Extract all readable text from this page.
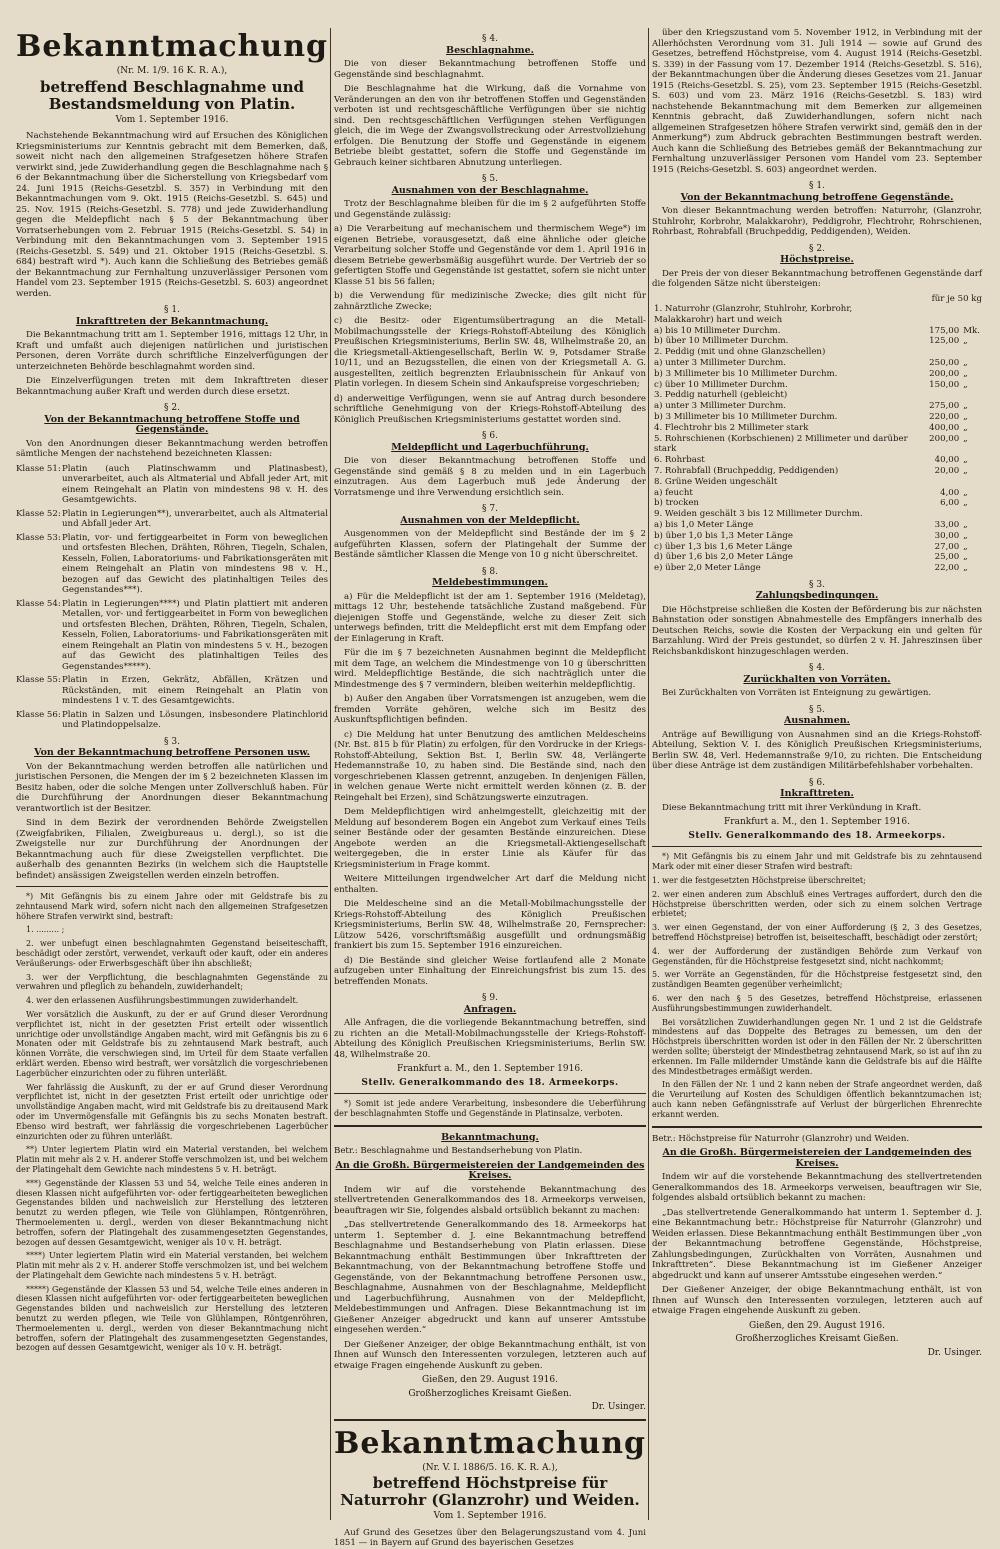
Bekanntmachung
(Nr. M. 1/9. 16 K. R. A.),
betreffend Beschlagnahme und Bestandsmeldung von Platin.
Vom 1. September 1916.

Nachstehende Bekanntmachung wird auf Ersuchen des Königlichen Kriegsministeriums zur Kenntnis gebracht mit dem Bemerken, daß, soweit nicht nach den allgemeinen Strafgesetzen höhere Strafen verwirkt sind, jede Zuwiderhandlung gegen die Beschlagnahme nach § 6 der Bekanntmachung über die Sicherstellung von Kriegsbedarf vom 24. Juni 1915 (Reichs-Gesetzbl. S. 357) in Verbindung mit den Bekanntmachungen vom 9. Okt. 1915 (Reichs-Gesetzbl. S. 645) und 25. Nov. 1915 (Reichs-Gesetzbl. S. 778) und jede Zuwiderhandlung gegen die Meldepflicht nach § 5 der Bekanntmachung über Vorratserhebungen vom 2. Februar 1915 (Reichs-Gesetzbl. S. 54) in Verbindung mit den Bekanntmachungen vom 3. September 1915 (Reichs-Gesetzbl. S. 549) und 21. Oktober 1915 (Reichs-Gesetzbl. S. 684) bestraft wird *). Auch kann die Schließung des Betriebes gemäß der Bekanntmachung zur Fernhaltung unzuverlässiger Personen vom Handel vom 23. September 1915 (Reichs-Gesetzbl. S. 603) angeordnet werden.

§ 1.
Inkrafttreten der Bekanntmachung.

Die Bekanntmachung tritt am 1. September 1916, mittags 12 Uhr, in Kraft und umfaßt auch diejenigen natürlichen und juristischen Personen, deren Vorräte durch schriftliche Einzelverfügungen der unterzeichneten Behörde beschlagnahmt worden sind.

Die Einzelverfügungen treten mit dem Inkrafttreten dieser Bekanntmachung außer Kraft und werden durch diese ersetzt.

§ 2.
Von der Bekanntmachung betroffene Stoffe und Gegenstände.

Von den Anordnungen dieser Bekanntmachung werden betroffen sämtliche Mengen der nachstehend bezeichneten Klassen:

Klasse 51: Platin (auch Platinschwamm und Platinasbest), unverarbeitet, auch als Altmaterial und Abfall jeder Art, mit einem Reingehalt an Platin von mindestens 98 v. H. des Gesamtgewichts.
Klasse 52: Platin in Legierungen**), unverarbeitet, auch als Altmaterial und Abfall jeder Art.
Klasse 53: Platin, vor- und fertiggearbeitet in Form von beweglichen und ortsfesten Blechen, Drähten, Röhren, Tiegeln, Schalen, Kesseln, Folien, Laboratoriums- und Fabrikationsgeräten mit einem Reingehalt an Platin von mindestens 98 v. H., bezogen auf das Gewicht des platinhaltigen Teiles des Gegenstandes***).
Klasse 54: Platin in Legierungen****) und Platin plattiert mit anderen Metallen, vor- und fertiggearbeitet in Form von beweglichen und ortsfesten Blechen, Drähten, Röhren, Tiegeln, Schalen, Kesseln, Folien, Laboratoriums- und Fabrikationsgeräten mit einem Reingehalt an Platin von mindestens 5 v. H., bezogen auf das Gewicht des platinhaltigen Teiles des Gegenstandes*****).
Klasse 55: Platin in Erzen, Gekrätz, Abfällen, Krätzen und Rückständen, mit einem Reingehalt an Platin von mindestens 1 v. T. des Gesamtgewichts.
Klasse 56: Platin in Salzen und Lösungen, insbesondere Platinchlorid und Platindoppelsalze.
§ 3.
Von der Bekanntmachung betroffene Personen usw.

Von der Bekanntmachung werden betroffen alle natürlichen und juristischen Personen, die Mengen der im § 2 bezeichneten Klassen im Besitz haben, oder die solche Mengen unter Zollverschluß haben. Für die Durchführung der Anordnungen dieser Bekanntmachung verantwortlich ist der Besitzer.

Sind in dem Bezirk der verordnenden Behörde Zweigstellen (Zweigfabriken, Filialen, Zweigbureaus u. dergl.), so ist die Zweigstelle nur zur Durchführung der Anordnungen der Bekanntmachung auch für diese Zweigstellen verpflichtet. Die außerhalb des genannten Bezirks (in welchem sich die Hauptstelle befindet) ansässigen Zweigstellen werden einzeln betroffen.

*) Mit Gefängnis bis zu einem Jahre oder mit Geldstrafe bis zu zehntausend Mark wird, sofern nicht nach den allgemeinen Strafgesetzen höhere Strafen verwirkt sind, bestraft:

1. ......... ;

2. wer unbefugt einen beschlagnahmten Gegenstand beiseiteschafft, beschädigt oder zerstört, verwendet, verkauft oder kauft, oder ein anderes Veräußerungs- oder Erwerbsgeschäft über ihn abschließt;

3. wer der Verpflichtung, die beschlagnahmten Gegenstände zu verwahren und pfleglich zu behandeln, zuwiderhandelt;

4. wer den erlassenen Ausführungsbestimmungen zuwiderhandelt.

Wer vorsätzlich die Auskunft, zu der er auf Grund dieser Verordnung verpflichtet ist, nicht in der gesetzten Frist erteilt oder wissentlich unrichtige oder unvollständige Angaben macht, wird mit Gefängnis bis zu 6 Monaten oder mit Geldstrafe bis zu zehntausend Mark bestraft, auch können Vorräte, die verschwiegen sind, im Urteil für dem Staate verfallen erklärt werden. Ebenso wird bestraft, wer vorsätzlich die vorgeschriebenen Lagerbücher einzurichten oder zu führen unterläßt.

Wer fahrlässig die Auskunft, zu der er auf Grund dieser Verordnung verpflichtet ist, nicht in der gesetzten Frist erteilt oder unrichtige oder unvollständige Angaben macht, wird mit Geldstrafe bis zu dreitausend Mark oder im Unvermögensfalle mit Gefängnis bis zu sechs Monaten bestraft. Ebenso wird bestraft, wer fahrlässig die vorgeschriebenen Lagerbücher einzurichten oder zu führen unterläßt.

**) Unter legiertem Platin wird ein Material verstanden, bei welchem Platin mit mehr als 2 v. H. anderer Stoffe verschmolzen ist, und bei welchem der Platingehalt dem Gewichte nach mindestens 5 v. H. beträgt.

***) Gegenstände der Klassen 53 und 54, welche Teile eines anderen in diesen Klassen nicht aufgeführten vor- oder fertiggearbeiteten beweglichen Gegenstandes bilden und nachweislich zur Herstellung des letzteren benutzt zu werden pflegen, wie Teile von Glühlampen, Röntgenröhren, Thermoelementen u. dergl., werden von dieser Bekanntmachung nicht betroffen, sofern der Platingehalt des zusammengesetzten Gegenstandes, bezogen auf dessen Gesamtgewicht, weniger als 10 v. H. beträgt.

****) Unter legiertem Platin wird ein Material verstanden, bei welchem Platin mit mehr als 2 v. H. anderer Stoffe verschmolzen ist, und bei welchem der Platingehalt dem Gewichte nach mindestens 5 v. H. beträgt.

*****) Gegenstände der Klassen 53 und 54, welche Teile eines anderen in diesen Klassen nicht aufgeführten vor- oder fertiggearbeiteten beweglichen Gegenstandes bilden und nachweislich zur Herstellung des letzteren benutzt zu werden pflegen, wie Teile von Glühlampen, Röntgenröhren, Thermoelementen u. dergl., werden von dieser Bekanntmachung nicht betroffen, sofern der Platingehalt des zusammengesetzten Gegenstandes, bezogen auf dessen Gesamtgewicht, weniger als 10 v. H. beträgt.

§ 4.
Beschlagnahme.

Die von dieser Bekanntmachung betroffenen Stoffe und Gegenstände sind beschlagnahmt.

Die Beschlagnahme hat die Wirkung, daß die Vornahme von Veränderungen an den von ihr betroffenen Stoffen und Gegenständen verboten ist und rechtsgeschäftliche Verfügungen über sie nichtig sind. Den rechtsgeschäftlichen Verfügungen stehen Verfügungen gleich, die im Wege der Zwangsvollstreckung oder Arrestvollziehung erfolgen. Die Benutzung der Stoffe und Gegenstände in eigenem Betriebe bleibt gestattet, sofern die Stoffe und Gegenstände im Gebrauch keiner sichtbaren Abnutzung unterliegen.

§ 5.
Ausnahmen von der Beschlagnahme.

Trotz der Beschlagnahme bleiben für die im § 2 aufgeführten Stoffe und Gegenstände zulässig:

a) Die Verarbeitung auf mechanischem und thermischem Wege*) im eigenen Betriebe, vorausgesetzt, daß eine ähnliche oder gleiche Verarbeitung solcher Stoffe und Gegenstände vor dem 1. April 1916 in diesem Betriebe gewerbsmäßig ausgeführt wurde. Der Vertrieb der so gefertigten Stoffe und Gegenstände ist gestattet, sofern sie nicht unter Klasse 51 bis 56 fallen;

b) die Verwendung für medizinische Zwecke; dies gilt nicht für zahnärztliche Zwecke;

c) die Besitz- oder Eigentumsübertragung an die Metall-Mobilmachungsstelle der Kriegs-Rohstoff-Abteilung des Königlich Preußischen Kriegsministeriums, Berlin SW. 48, Wilhelmstraße 20, an die Kriegsmetall-Aktiengesellschaft, Berlin W. 9, Potsdamer Straße 10/11, und an Bezugsstellen, die einen von der Kriegsmetall A. G. ausgestellten, zeitlich begrenzten Erlaubnisschein für Ankauf von Platin vorlegen. In diesem Schein sind Ankaufspreise vorgeschrieben;

d) anderweitige Verfügungen, wenn sie auf Antrag durch besondere schriftliche Genehmigung von der Kriegs-Rohstoff-Abteilung des Königlich Preußischen Kriegsministeriums gestattet worden sind.

§ 6.
Meldepflicht und Lagerbuchführung.

Die von dieser Bekanntmachung betroffenen Stoffe und Gegenstände sind gemäß § 8 zu melden und in ein Lagerbuch einzutragen. Aus dem Lagerbuch muß jede Änderung der Vorratsmenge und ihre Verwendung ersichtlich sein.

§ 7.
Ausnahmen von der Meldepflicht.

Ausgenommen von der Meldepflicht sind Bestände der im § 2 aufgeführten Klassen, sofern der Platingehalt der Summe der Bestände sämtlicher Klassen die Menge von 10 g nicht überschreitet.

§ 8.
Meldebestimmungen.

a) Für die Meldepflicht ist der am 1. September 1916 (Meldetag), mittags 12 Uhr, bestehende tatsächliche Zustand maßgebend. Für diejenigen Stoffe und Gegenstände, welche zu dieser Zeit sich unterwegs befinden, tritt die Meldepflicht erst mit dem Empfang oder der Einlagerung in Kraft.

Für die im § 7 bezeichneten Ausnahmen beginnt die Meldepflicht mit dem Tage, an welchem die Mindestmenge von 10 g überschritten wird. Meldepflichtige Bestände, die sich nachträglich unter die Mindestmenge des § 7 vermindern, bleiben weiterhin meldepflichtig.

b) Außer den Angaben über Vorratsmengen ist anzugeben, wem die fremden Vorräte gehören, welche sich im Besitz des Auskunftspflichtigen befinden.

c) Die Meldung hat unter Benutzung des amtlichen Meldescheins (Nr. Bst. 815 b für Platin) zu erfolgen, für den Vordrucke in der Kriegs-Rohstoff-Abteilung, Sektion Bst. I, Berlin SW. 48, Verlängerte Hedemannstraße 10, zu haben sind. Die Bestände sind, nach den vorgeschriebenen Klassen getrennt, anzugeben. In denjenigen Fällen, in welchen genaue Werte nicht ermittelt werden können (z. B. der Reingehalt bei Erzen), sind Schätzungswerte einzutragen.

Dem Meldepflichtigen wird anheimgestellt, gleichzeitig mit der Meldung auf besonderem Bogen ein Angebot zum Verkauf eines Teils seiner Bestände oder der gesamten Bestände einzureichen. Diese Angebote werden an die Kriegsmetall-Aktiengesellschaft weitergegeben, die in erster Linie als Käufer für das Kriegsministerium in Frage kommt.

Weitere Mitteilungen irgendwelcher Art darf die Meldung nicht enthalten.

Die Meldescheine sind an die Metall-Mobilmachungsstelle der Kriegs-Rohstoff-Abteilung des Königlich Preußischen Kriegsministeriums, Berlin SW. 48, Wilhelmstraße 20, Fernsprecher: Lützow 5426, vorschriftsmäßig ausgefüllt und ordnungsmäßig frankiert bis zum 15. September 1916 einzureichen.

d) Die Bestände sind gleicher Weise fortlaufend alle 2 Monate aufzugeben unter Einhaltung der Einreichungsfrist bis zum 15. des betreffenden Monats.

§ 9.
Anfragen.

Alle Anfragen, die die vorliegende Bekanntmachung betreffen, sind zu richten an die Metall-Mobilmachungsstelle der Kriegs-Rohstoff-Abteilung des Königlich Preußischen Kriegsministeriums, Berlin SW. 48, Wilhelmstraße 20.

Frankfurt a. M., den 1. September 1916.
Stellv. Generalkommando des 18. Armeekorps.

*) Somit ist jede andere Verarbeitung, insbesondere die Ueberführung der beschlagnahmten Stoffe und Gegenstände in Platinsalze, verboten.

Bekanntmachung.

Betr.: Beschlagnahme und Bestandserhebung von Platin.

An die Großh. Bürgermeistereien der Landgemeinden des Kreises.

Indem wir auf die vorstehende Bekanntmachung des stellvertretenden Generalkommandos des 18. Armeekorps verweisen, beauftragen wir Sie, folgendes alsbald ortsüblich bekannt zu machen:

„Das stellvertretende Generalkommando des 18. Armeekorps hat unterm 1. September d. J. eine Bekanntmachung betreffend Beschlagnahme und Bestandserhebung von Platin erlassen. Diese Bekanntmachung enthält Bestimmungen über Inkrafttreten der Bekanntmachung, von der Bekanntmachung betroffene Stoffe und Gegenstände, von der Bekanntmachung betroffene Personen usw., Beschlagnahme, Ausnahmen von der Beschlagnahme, Meldepflicht und Lagerbuchführung, Ausnahmen von der Meldepflicht, Meldebestimmungen und Anfragen. Diese Bekanntmachung ist im Gießener Anzeiger abgedruckt und kann auf unserer Amtsstube eingesehen werden.“

Der Gießener Anzeiger, der obige Bekanntmachung enthält, ist von Ihnen auf Wunsch den Interessenten vorzulegen, letzteren auch auf etwaige Fragen eingehende Auskunft zu geben.

Gießen, den 29. August 1916.
Großherzogliches Kreisamt Gießen.
Dr. Usinger.
Bekanntmachung
(Nr. V. I. 1886/5. 16. K. R. A.),
betreffend Höchstpreise für Naturrohr (Glanzrohr) und Weiden.
Vom 1. September 1916.

Auf Grund des Gesetzes über den Belagerungszustand vom 4. Juni 1851 — in Bayern auf Grund des bayerischen Gesetzes

über den Kriegszustand vom 5. November 1912, in Verbindung mit der Allerhöchsten Verordnung vom 31. Juli 1914 — sowie auf Grund des Gesetzes, betreffend Höchstpreise, vom 4. August 1914 (Reichs-Gesetzbl. S. 339) in der Fassung vom 17. Dezember 1914 (Reichs-Gesetzbl. S. 516), der Bekanntmachungen über die Änderung dieses Gesetzes vom 21. Januar 1915 (Reichs-Gesetzbl. S. 25), vom 23. September 1915 (Reichs-Gesetzbl. S. 603) und vom 23. März 1916 (Reichs-Gesetzbl. S. 183) wird nachstehende Bekanntmachung mit dem Bemerken zur allgemeinen Kenntnis gebracht, daß Zuwiderhandlungen, sofern nicht nach allgemeinen Strafgesetzen höhere Strafen verwirkt sind, gemäß den in der Anmerkung*) zum Abdruck gebrachten Bestimmungen bestraft werden. Auch kann die Schließung des Betriebes gemäß der Bekanntmachung zur Fernhaltung unzuverlässiger Personen vom Handel vom 23. September 1915 (Reichs-Gesetzbl. S. 603) angeordnet werden.

§ 1.
Von der Bekanntmachung betroffene Gegenstände.

Von dieser Bekanntmachung werden betroffen: Naturrohr, (Glanzrohr, Stuhlrohr, Korbrohr, Malakkarohr), Peddigrohr, Flechtrohr, Rohrschienen, Rohrbast, Rohrabfall (Bruchpeddig, Peddigenden), Weiden.

§ 2.
Höchstpreise.

Der Preis der von dieser Bekanntmachung betroffenen Gegenstände darf die folgenden Sätze nicht übersteigen:

für je 50 kg
1. Naturrohr (Glanzrohr, Stuhlrohr, Korbrohr, Malakkarohr) hart und weich		
a) bis 10 Millimeter Durchm.	175,00	Mk.
b) über 10 Millimeter Durchm.	125,00	„
2. Peddig (mit und ohne Glanzschellen)		
a) unter 3 Millimeter Durchm.	250,00	„
b) 3 Millimeter bis 10 Millimeter Durchm.	200,00	„
c) über 10 Millimeter Durchm.	150,00	„
3. Peddig naturhell (gebleicht)		
a) unter 3 Millimeter Durchm.	275,00	„
b) 3 Millimeter bis 10 Millimeter Durchm.	220,00	„
4. Flechtrohr bis 2 Millimeter stark	400,00	„
5. Rohrschienen (Korbschienen) 2 Millimeter und darüber stark	200,00	„
6. Rohrbast	40,00	„
7. Rohrabfall (Bruchpeddig, Peddigenden)	20,00	„
8. Grüne Weiden ungeschält		
a) feucht	4,00	„
b) trocken	6,00	„
9. Weiden geschält 3 bis 12 Millimeter Durchm.		
a) bis 1,0 Meter Länge	33,00	„
b) über 1,0 bis 1,3 Meter Länge	30,00	„
c) über 1,3 bis 1,6 Meter Länge	27,00	„
d) über 1,6 bis 2,0 Meter Länge	25,00	„
e) über 2,0 Meter Länge	22,00	„
§ 3.
Zahlungsbedingungen.

Die Höchstpreise schließen die Kosten der Beförderung bis zur nächsten Bahnstation oder sonstigen Abnahmestelle des Empfängers innerhalb des Deutschen Reichs, sowie die Kosten der Verpackung ein und gelten für Barzahlung. Wird der Preis gestundet, so dürfen 2 v. H. Jahreszinsen über Reichsbankdiskont hinzugeschlagen werden.

§ 4.
Zurückhalten von Vorräten.

Bei Zurückhalten von Vorräten ist Enteignung zu gewärtigen.

§ 5.
Ausnahmen.

Anträge auf Bewilligung von Ausnahmen sind an die Kriegs-Rohstoff-Abteilung, Sektion V. I. des Königlich Preußischen Kriegsministeriums, Berlin SW. 48, Verl. Hedemannstraße 9/10, zu richten. Die Entscheidung über diese Anträge ist dem zuständigen Militärbefehlshaber vorbehalten.

§ 6.
Inkrafttreten.

Diese Bekanntmachung tritt mit ihrer Verkündung in Kraft.

Frankfurt a. M., den 1. September 1916.
Stellv. Generalkommando des 18. Armeekorps.

*) Mit Gefängnis bis zu einem Jahr und mit Geldstrafe bis zu zehntausend Mark oder mit einer dieser Strafen wird bestraft:

1. wer die festgesetzten Höchstpreise überschreitet;

2. wer einen anderen zum Abschluß eines Vertrages auffordert, durch den die Höchstpreise überschritten werden, oder sich zu einem solchen Vertrage erbietet;

3. wer einen Gegenstand, der von einer Aufforderung (§ 2, 3 des Gesetzes, betreffend Höchstpreise) betroffen ist, beiseiteschafft, beschädigt oder zerstört;

4. wer der Aufforderung der zuständigen Behörde zum Verkauf von Gegenständen, für die Höchstpreise festgesetzt sind, nicht nachkommt;

5. wer Vorräte an Gegenständen, für die Höchstpreise festgesetzt sind, den zuständigen Beamten gegenüber verheimlicht;

6. wer den nach § 5 des Gesetzes, betreffend Höchstpreise, erlassenen Ausführungsbestimmungen zuwiderhandelt.

Bei vorsätzlichen Zuwiderhandlungen gegen Nr. 1 und 2 ist die Geldstrafe mindestens auf das Doppelte des Betrages zu bemessen, um den der Höchstpreis überschritten worden ist oder in den Fällen der Nr. 2 überschritten werden sollte; übersteigt der Mindestbetrag zehntausend Mark, so ist auf ihn zu erkennen. Im Falle mildernder Umstände kann die Geldstrafe bis auf die Hälfte des Mindestbetrages ermäßigt werden.

In den Fällen der Nr. 1 und 2 kann neben der Strafe angeordnet werden, daß die Verurteilung auf Kosten des Schuldigen öffentlich bekanntzumachen ist; auch kann neben Gefängnisstrafe auf Verlust der bürgerlichen Ehrenrechte erkannt werden.

Betr.: Höchstpreise für Naturrohr (Glanzrohr) und Weiden.

An die Großh. Bürgermeistereien der Landgemeinden des Kreises.

Indem wir auf die vorstehende Bekanntmachung des stellvertretenden Generalkommandos des 18. Armeekorps verweisen, beauftragen wir Sie, folgendes alsbald ortsüblich bekannt zu machen:

„Das stellvertretende Generalkommando hat unterm 1. September d. J. eine Bekanntmachung betr.: Höchstpreise für Naturrohr (Glanzrohr) und Weiden erlassen. Diese Bekanntmachung enthält Bestimmungen über „von der Bekanntmachung betroffene Gegenstände, Höchstpreise, Zahlungsbedingungen, Zurückhalten von Vorräten, Ausnahmen und Inkrafttreten“. Diese Bekanntmachung ist im Gießener Anzeiger abgedruckt und kann auf unserer Amtsstube eingesehen werden.“

Der Gießener Anzeiger, der obige Bekanntmachung enthält, ist von Ihnen auf Wunsch den Interessenten vorzulegen, letzteren auch auf etwaige Fragen eingehende Auskunft zu geben.

Gießen, den 29. August 1916.
Großherzogliches Kreisamt Gießen.
Dr. Usinger.
